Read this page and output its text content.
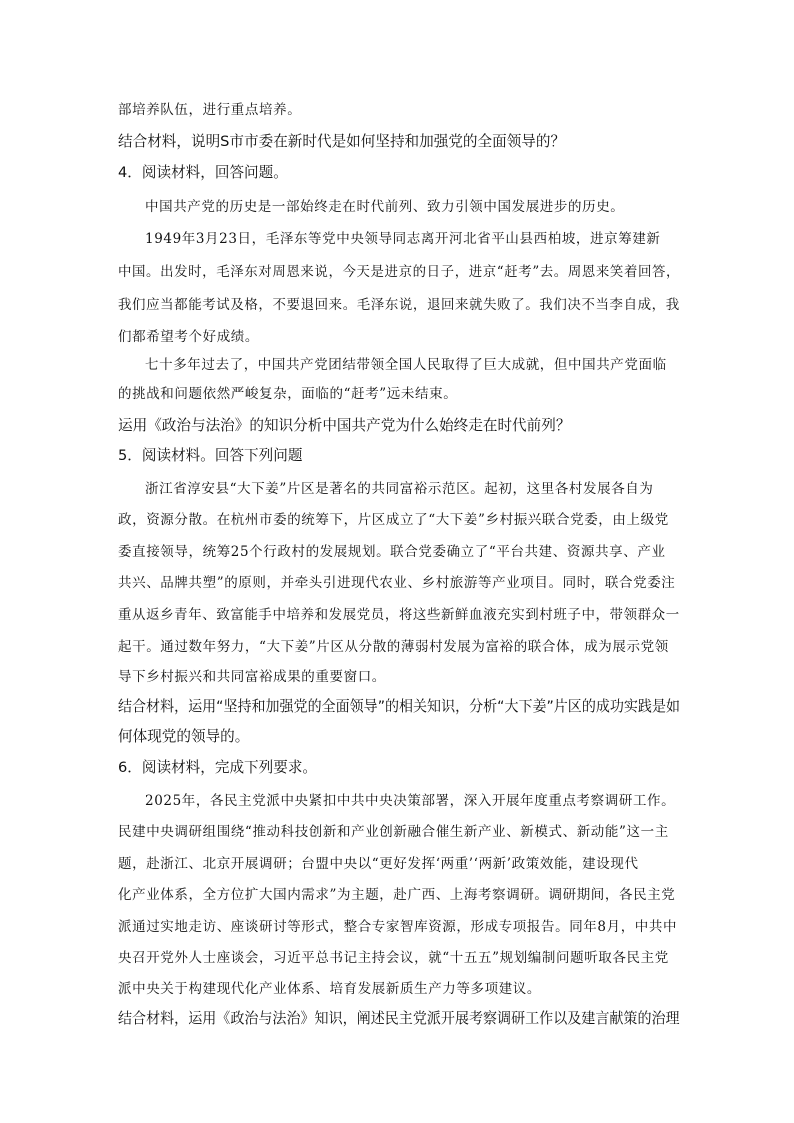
部培养队伍，进行重点培养。
结合材料，说明S市市委在新时代是如何坚持和加强党的全面领导的？
4．阅读材料，回答问题。
中国共产党的历史是一部始终走在时代前列、致力引领中国发展进步的历史。
1949年3月23日，毛泽东等党中央领导同志离开河北省平山县西柏坡，进京筹建新
中国。出发时，毛泽东对周恩来说，今天是进京的日子，进京“赶考”去。周恩来笑着回答，
我们应当都能考试及格，不要退回来。毛泽东说，退回来就失败了。我们决不当李自成，我
们都希望考个好成绩。
七十多年过去了，中国共产党团结带领全国人民取得了巨大成就，但中国共产党面临
的挑战和问题依然严峻复杂，面临的“赶考”远未结束。
运用《政治与法治》的知识分析中国共产党为什么始终走在时代前列？
5．阅读材料。回答下列问题
浙江省淳安县“大下姜”片区是著名的共同富裕示范区。起初，这里各村发展各自为
政，资源分散。在杭州市委的统筹下，片区成立了“大下姜”乡村振兴联合党委，由上级党
委直接领导，统筹25个行政村的发展规划。联合党委确立了“平台共建、资源共享、产业
共兴、品牌共塑”的原则，并牵头引进现代农业、乡村旅游等产业项目。同时，联合党委注
重从返乡青年、致富能手中培养和发展党员，将这些新鲜血液充实到村班子中，带领群众一
起干。通过数年努力，“大下姜”片区从分散的薄弱村发展为富裕的联合体，成为展示党领
导下乡村振兴和共同富裕成果的重要窗口。
结合材料，运用“坚持和加强党的全面领导”的相关知识，分析“大下姜”片区的成功实践是如
何体现党的领导的。
6．阅读材料，完成下列要求。
2025年，各民主党派中央紧扣中共中央决策部署，深入开展年度重点考察调研工作。
民建中央调研组围绕“推动科技创新和产业创新融合催生新产业、新模式、新动能”这一主
题，赴浙江、北京开展调研；台盟中央以“更好发挥‘两重’‘两新’政策效能，建设现代
化产业体系，全方位扩大国内需求”为主题，赴广西、上海考察调研。调研期间，各民主党
派通过实地走访、座谈研讨等形式，整合专家智库资源，形成专项报告。同年8月，中共中
央召开党外人士座谈会，习近平总书记主持会议，就“十五五”规划编制问题听取各民主党
派中央关于构建现代化产业体系、培育发展新质生产力等多项建议。
结合材料，运用《政治与法治》知识，阐述民主党派开展考察调研工作以及建言献策的治理
